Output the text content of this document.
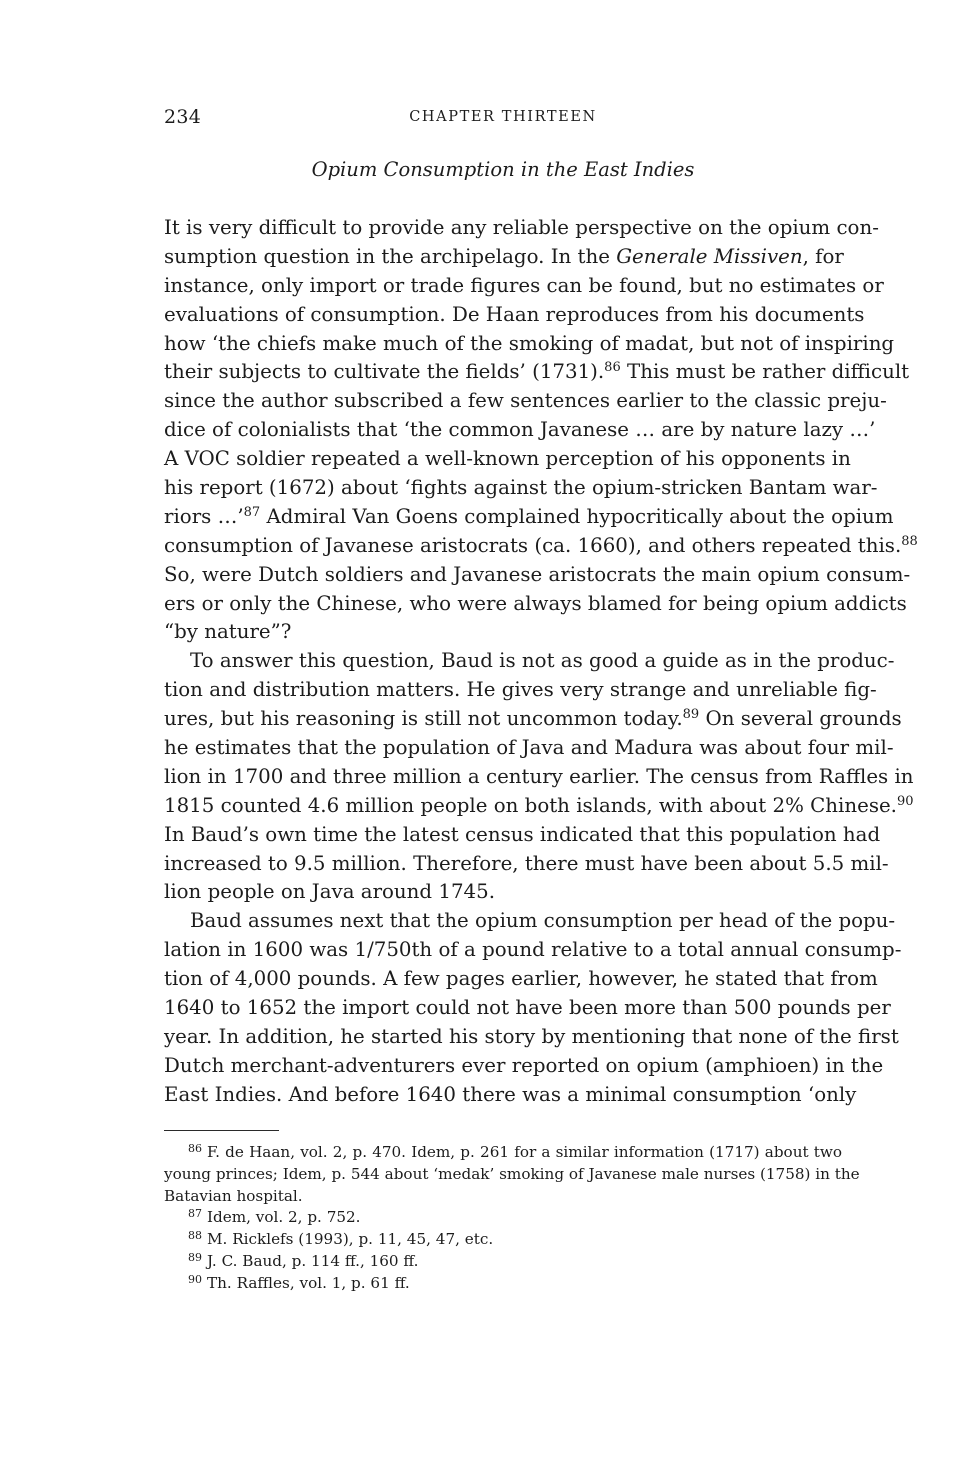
234	CHAPTER THIRTEEN
Opium Consumption in the East Indies
It is very difficult to provide any reliable perspective on the opium con-
sumption question in the archipelago. In the Generale Missiven, for
instance, only import or trade figures can be found, but no estimates or
evaluations of consumption. De Haan reproduces from his documents
how ‘the chiefs make much of the smoking of madat, but not of inspiring
their subjects to cultivate the fields’ (1731).$^{86}$ This must be rather difficult
since the author subscribed a few sentences earlier to the classic preju-
dice of colonialists that ‘the common Javanese … are by nature lazy …’
A VOC soldier repeated a well-known perception of his opponents in
his report (1672) about ‘fights against the opium-stricken Bantam war-
riors …’$^{87}$ Admiral Van Goens complained hypocritically about the opium
consumption of Javanese aristocrats (ca. 1660), and others repeated this.$^{88}$
So, were Dutch soldiers and Javanese aristocrats the main opium consum-
ers or only the Chinese, who were always blamed for being opium addicts
“by nature”?
To answer this question, Baud is not as good a guide as in the produc-
tion and distribution matters. He gives very strange and unreliable fig-
ures, but his reasoning is still not uncommon today.$^{89}$ On several grounds
he estimates that the population of Java and Madura was about four mil-
lion in 1700 and three million a century earlier. The census from Raffles in
1815 counted 4.6 million people on both islands, with about 2% Chinese.$^{90}$
In Baud’s own time the latest census indicated that this population had
increased to 9.5 million. Therefore, there must have been about 5.5 mil-
lion people on Java around 1745.
Baud assumes next that the opium consumption per head of the popu-
lation in 1600 was 1/750th of a pound relative to a total annual consump-
tion of 4,000 pounds. A few pages earlier, however, he stated that from
1640 to 1652 the import could not have been more than 500 pounds per
year. In addition, he started his story by mentioning that none of the first
Dutch merchant-adventurers ever reported on opium (amphioen) in the
East Indies. And before 1640 there was a minimal consumption ‘only
$^{86}$ F. de Haan, vol. 2, p. 470. Idem, p. 261 for a similar information (1717) about two
young princes; Idem, p. 544 about ‘medak’ smoking of Javanese male nurses (1758) in the
Batavian hospital.
$^{87}$ Idem, vol. 2, p. 752.
$^{88}$ M. Ricklefs (1993), p. 11, 45, 47, etc.
$^{89}$ J. C. Baud, p. 114 ff., 160 ff.
$^{90}$ Th. Raffles, vol. 1, p. 61 ff.
